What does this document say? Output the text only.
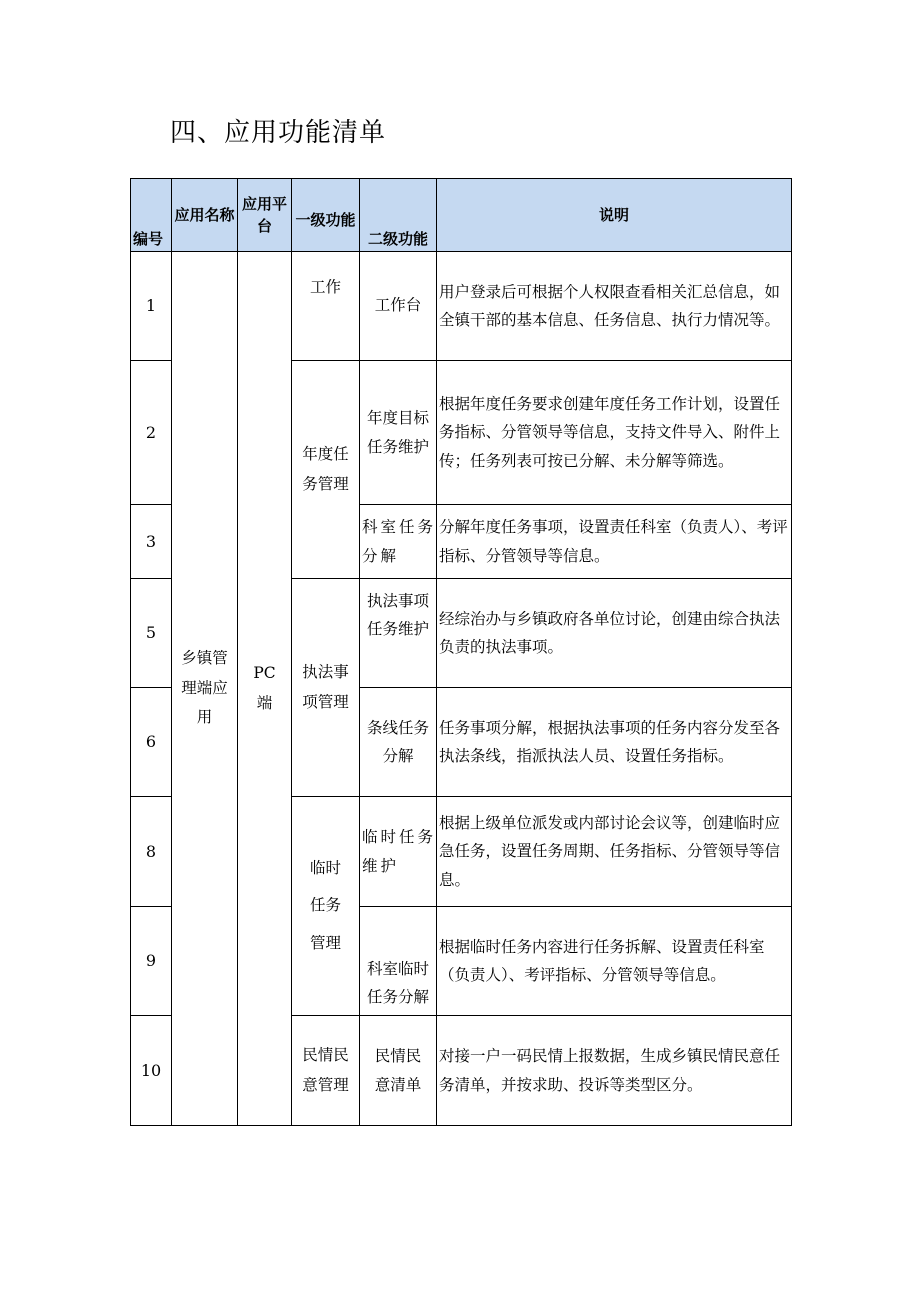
四、应用功能清单
编号	应用名称	应用平台	一级功能	二级功能	说明
1	乡镇管理端应用	PC端	工作	工作台	用户登录后可根据个人权限查看相关汇总信息，如全镇干部的基本信息、任务信息、执行力情况等。
2			年度任务管理	年度目标任务维护	根据年度任务要求创建年度任务工作计划，设置任务指标、分管领导等信息，支持文件导入、附件上传；任务列表可按已分解、未分解等筛选。
3				科室任务分解	分解年度任务事项，设置责任科室（负责人）、考评指标、分管领导等信息。
5			执法事项管理	执法事项任务维护	经综治办与乡镇政府各单位讨论，创建由综合执法负责的执法事项。
6				条线任务分解	任务事项分解，根据执法事项的任务内容分发至各执法条线，指派执法人员、设置任务指标。
8			临时任务管理	临时任务维护	根据上级单位派发或内部讨论会议等，创建临时应急任务，设置任务周期、任务指标、分管领导等信息。
9				科室临时任务分解	根据临时任务内容进行任务拆解、设置责任科室（负责人）、考评指标、分管领导等信息。
10			民情民意管理	民情民意清单	对接一户一码民情上报数据，生成乡镇民情民意任务清单，并按求助、投诉等类型区分。
